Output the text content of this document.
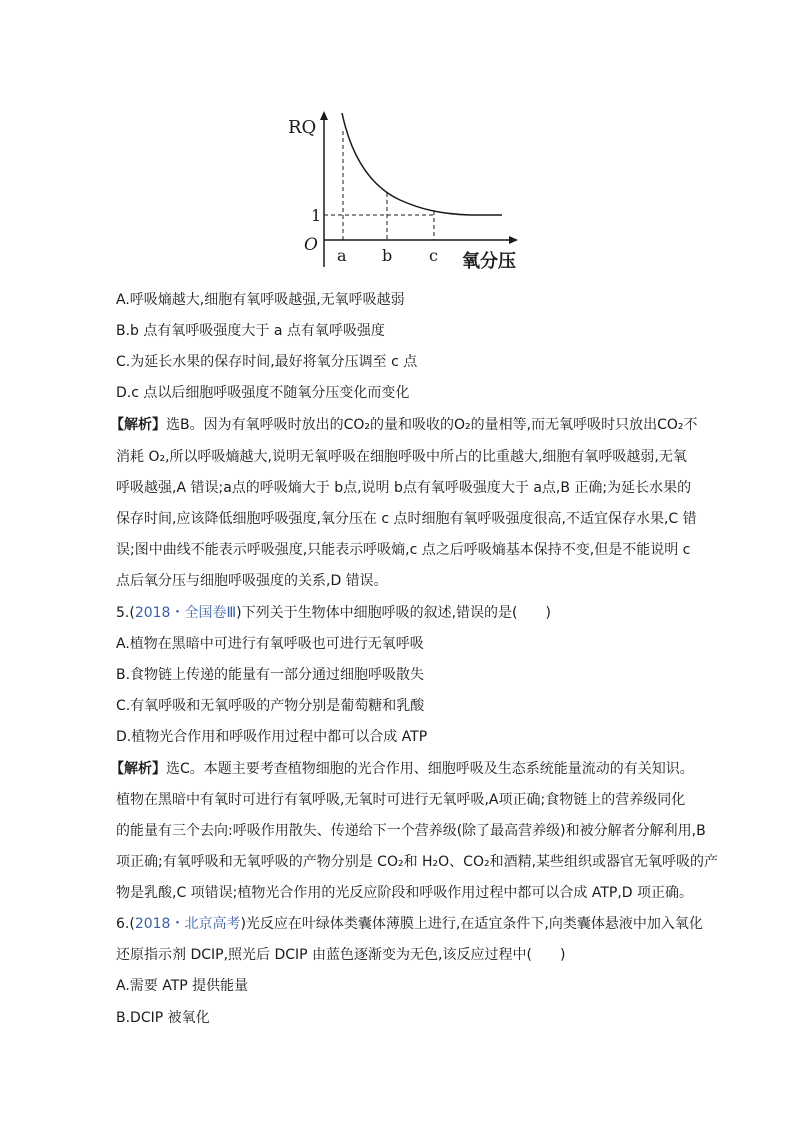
RQ
1
O
a b c 氧分压
A.呼吸熵越大,细胞有氧呼吸越强,无氧呼吸越弱
B.b 点有氧呼吸强度大于 a 点有氧呼吸强度
C.为延长水果的保存时间,最好将氧分压调至 c 点
D.c 点以后细胞呼吸强度不随氧分压变化而变化
【解析】选B。因为有氧呼吸时放出的CO₂的量和吸收的O₂的量相等,而无氧呼吸时只放出CO₂不
消耗 O₂,所以呼吸熵越大,说明无氧呼吸在细胞呼吸中所占的比重越大,细胞有氧呼吸越弱,无氧
呼吸越强,A 错误;a点的呼吸熵大于 b点,说明 b点有氧呼吸强度大于 a点,B 正确;为延长水果的
保存时间,应该降低细胞呼吸强度,氧分压在 c 点时细胞有氧呼吸强度很高,不适宜保存水果,C 错
误;图中曲线不能表示呼吸强度,只能表示呼吸熵,c 点之后呼吸熵基本保持不变,但是不能说明 c
点后氧分压与细胞呼吸强度的关系,D 错误。
5.(2018・全国卷Ⅲ)下列关于生物体中细胞呼吸的叙述,错误的是(　　)
A.植物在黑暗中可进行有氧呼吸也可进行无氧呼吸
B.食物链上传递的能量有一部分通过细胞呼吸散失
C.有氧呼吸和无氧呼吸的产物分别是葡萄糖和乳酸
D.植物光合作用和呼吸作用过程中都可以合成 ATP
【解析】选C。本题主要考查植物细胞的光合作用、细胞呼吸及生态系统能量流动的有关知识。
植物在黑暗中有氧时可进行有氧呼吸,无氧时可进行无氧呼吸,A项正确;食物链上的营养级同化
的能量有三个去向:呼吸作用散失、传递给下一个营养级(除了最高营养级)和被分解者分解利用,B
项正确;有氧呼吸和无氧呼吸的产物分别是 CO₂和 H₂O、CO₂和酒精,某些组织或器官无氧呼吸的产
物是乳酸,C 项错误;植物光合作用的光反应阶段和呼吸作用过程中都可以合成 ATP,D 项正确。
6.(2018・北京高考)光反应在叶绿体类囊体薄膜上进行,在适宜条件下,向类囊体悬液中加入氧化
还原指示剂 DCIP,照光后 DCIP 由蓝色逐渐变为无色,该反应过程中(　　)
A.需要 ATP 提供能量
B.DCIP 被氧化
